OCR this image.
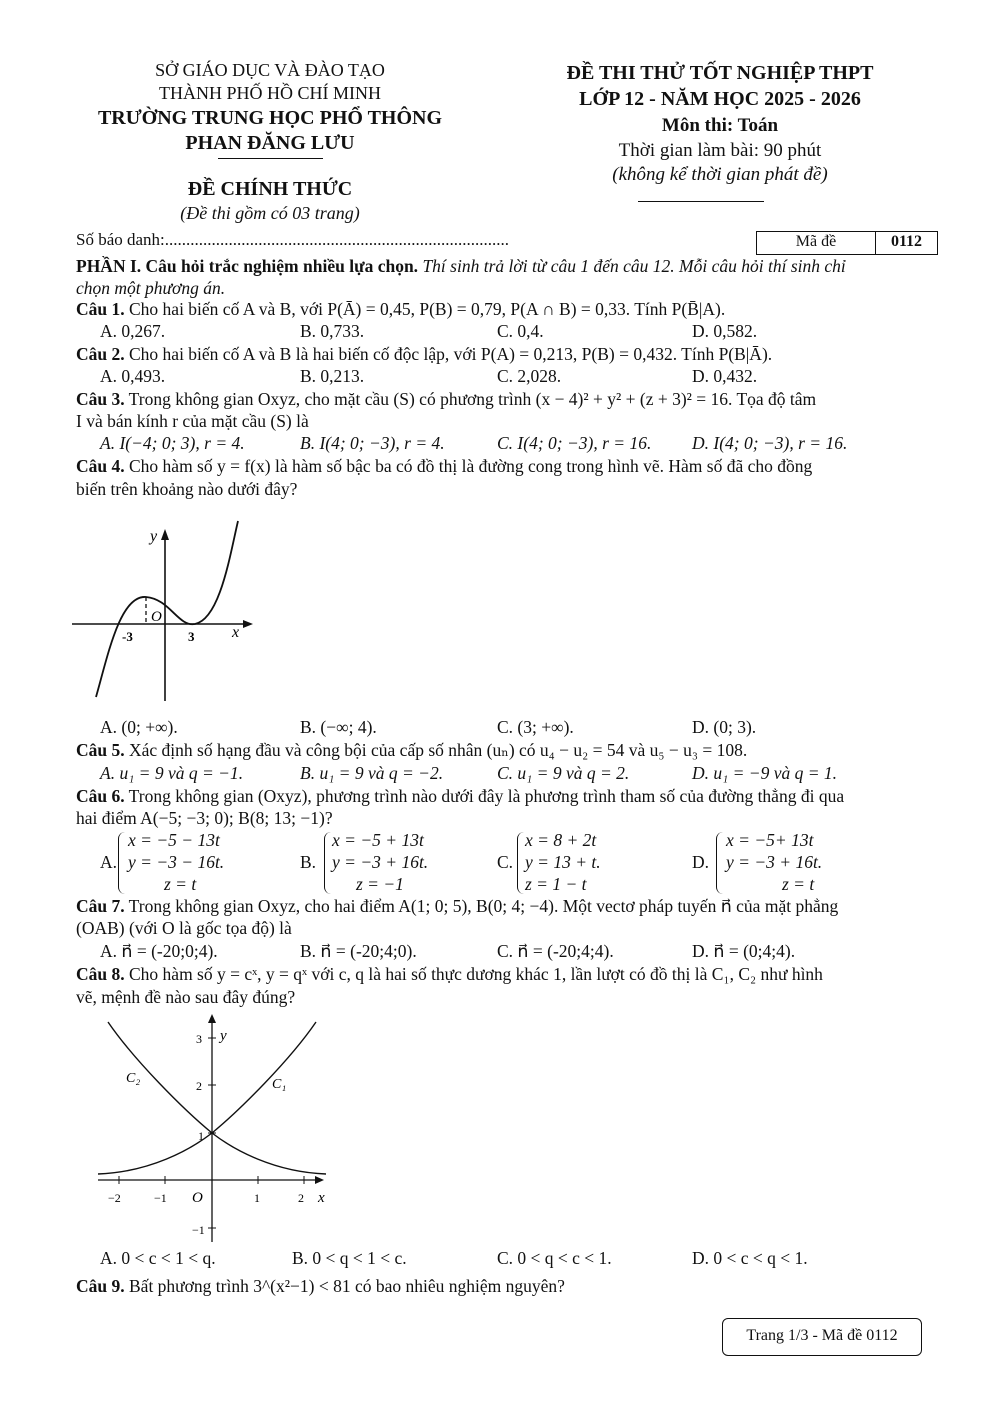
SỞ GIÁO DỤC VÀ ĐÀO TẠO
THÀNH PHỐ HỒ CHÍ MINH
TRƯỜNG TRUNG HỌC PHỔ THÔNG
PHAN ĐĂNG LƯU
ĐỀ CHÍNH THỨC
(Đề thi gồm có 03 trang)
ĐỀ THI THỬ TỐT NGHIỆP THPT
LỚP 12 - NĂM HỌC 2025 - 2026
Môn thi: Toán
Thời gian làm bài: 90 phút
(không kể thời gian phát đề)
Số báo danh:.................................................................................	Mã đề	0112
PHẦN I. Câu hỏi trắc nghiệm nhiều lựa chọn. Thí sinh trả lời từ câu 1 đến câu 12. Mỗi câu hỏi thí sinh chỉ
chọn một phương án.
Câu 1. Cho hai biến cố A và B, với P(Ā) = 0,45, P(B) = 0,79, P(A ∩ B) = 0,33. Tính P(B̄|A).
A. 0,267.	B. 0,733.	C. 0,4.	D. 0,582.
Câu 2. Cho hai biến cố A và B là hai biến cố độc lập, với P(A) = 0,213, P(B) = 0,432. Tính P(B|Ā).
A. 0,493.	B. 0,213.	C. 2,028.	D. 0,432.
Câu 3. Trong không gian Oxyz, cho mặt cầu (S) có phương trình (x − 4)² + y² + (z + 3)² = 16. Tọa độ tâm
I và bán kính r của mặt cầu (S) là
A. I(−4; 0; 3), r = 4.	B. I(4; 0; −3), r = 4.	C. I(4; 0; −3), r = 16. D. I(4; 0; −3), r = 16.
Câu 4. Cho hàm số y = f(x) là hàm số bậc ba có đồ thị là đường cong trong hình vẽ. Hàm số đã cho đồng
biến trên khoảng nào dưới đây?
y
x
O
-3	3
A. (0; +∞).	B. (−∞; 4).	C. (3; +∞).	D. (0; 3).
Câu 5. Xác định số hạng đầu và công bội của cấp số nhân (uₙ) có u₄ − u₂ = 54 và u₅ − u₃ = 108.
A. u₁ = 9 và q = −1.	B. u₁ = 9 và q = −2.	C. u₁ = 9 và q = 2.	D. u₁ = −9 và q = 1.
Câu 6. Trong không gian (Oxyz), phương trình nào dưới đây là phương trình tham số của đường thẳng đi qua
hai điểm A(−5; −3; 0); B(8; 13; −1)?
A.
x = −5 − 13t
y = −3 − 16t.
z = t
B.
x = −5 + 13t
y = −3 + 16t.
z = −1
C.
x = 8 + 2t
y = 13 + t.
z = 1 − t
D.
x = −5+ 13t
y = −3 + 16t.
z = t
Câu 7. Trong không gian Oxyz, cho hai điểm A(1; 0; 5), B(0; 4; −4). Một vectơ pháp tuyến n⃗ của mặt phẳng
(OAB) (với O là gốc tọa độ) là
A. n⃗ = (-20;0;4).	B. n⃗ = (-20;4;0).	C. n⃗ = (-20;4;4).	D. n⃗ = (0;4;4).
Câu 8. Cho hàm số y = cˣ, y = qˣ với c, q là hai số thực dương khác 1, lần lượt có đồ thị là C₁, C₂ như hình
vẽ, mệnh đề nào sau đây đúng?
C₂	C₁
y
x
O
3
2
1
−1
−2	−1	1	2
A. 0 < c < 1 < q.	B. 0 < q < 1 < c.	C. 0 < q < c < 1.	D. 0 < c < q < 1.
Câu 9. Bất phương trình 3^(x²−1) < 81 có bao nhiêu nghiệm nguyên?
Trang 1/3 - Mã đề 0112
